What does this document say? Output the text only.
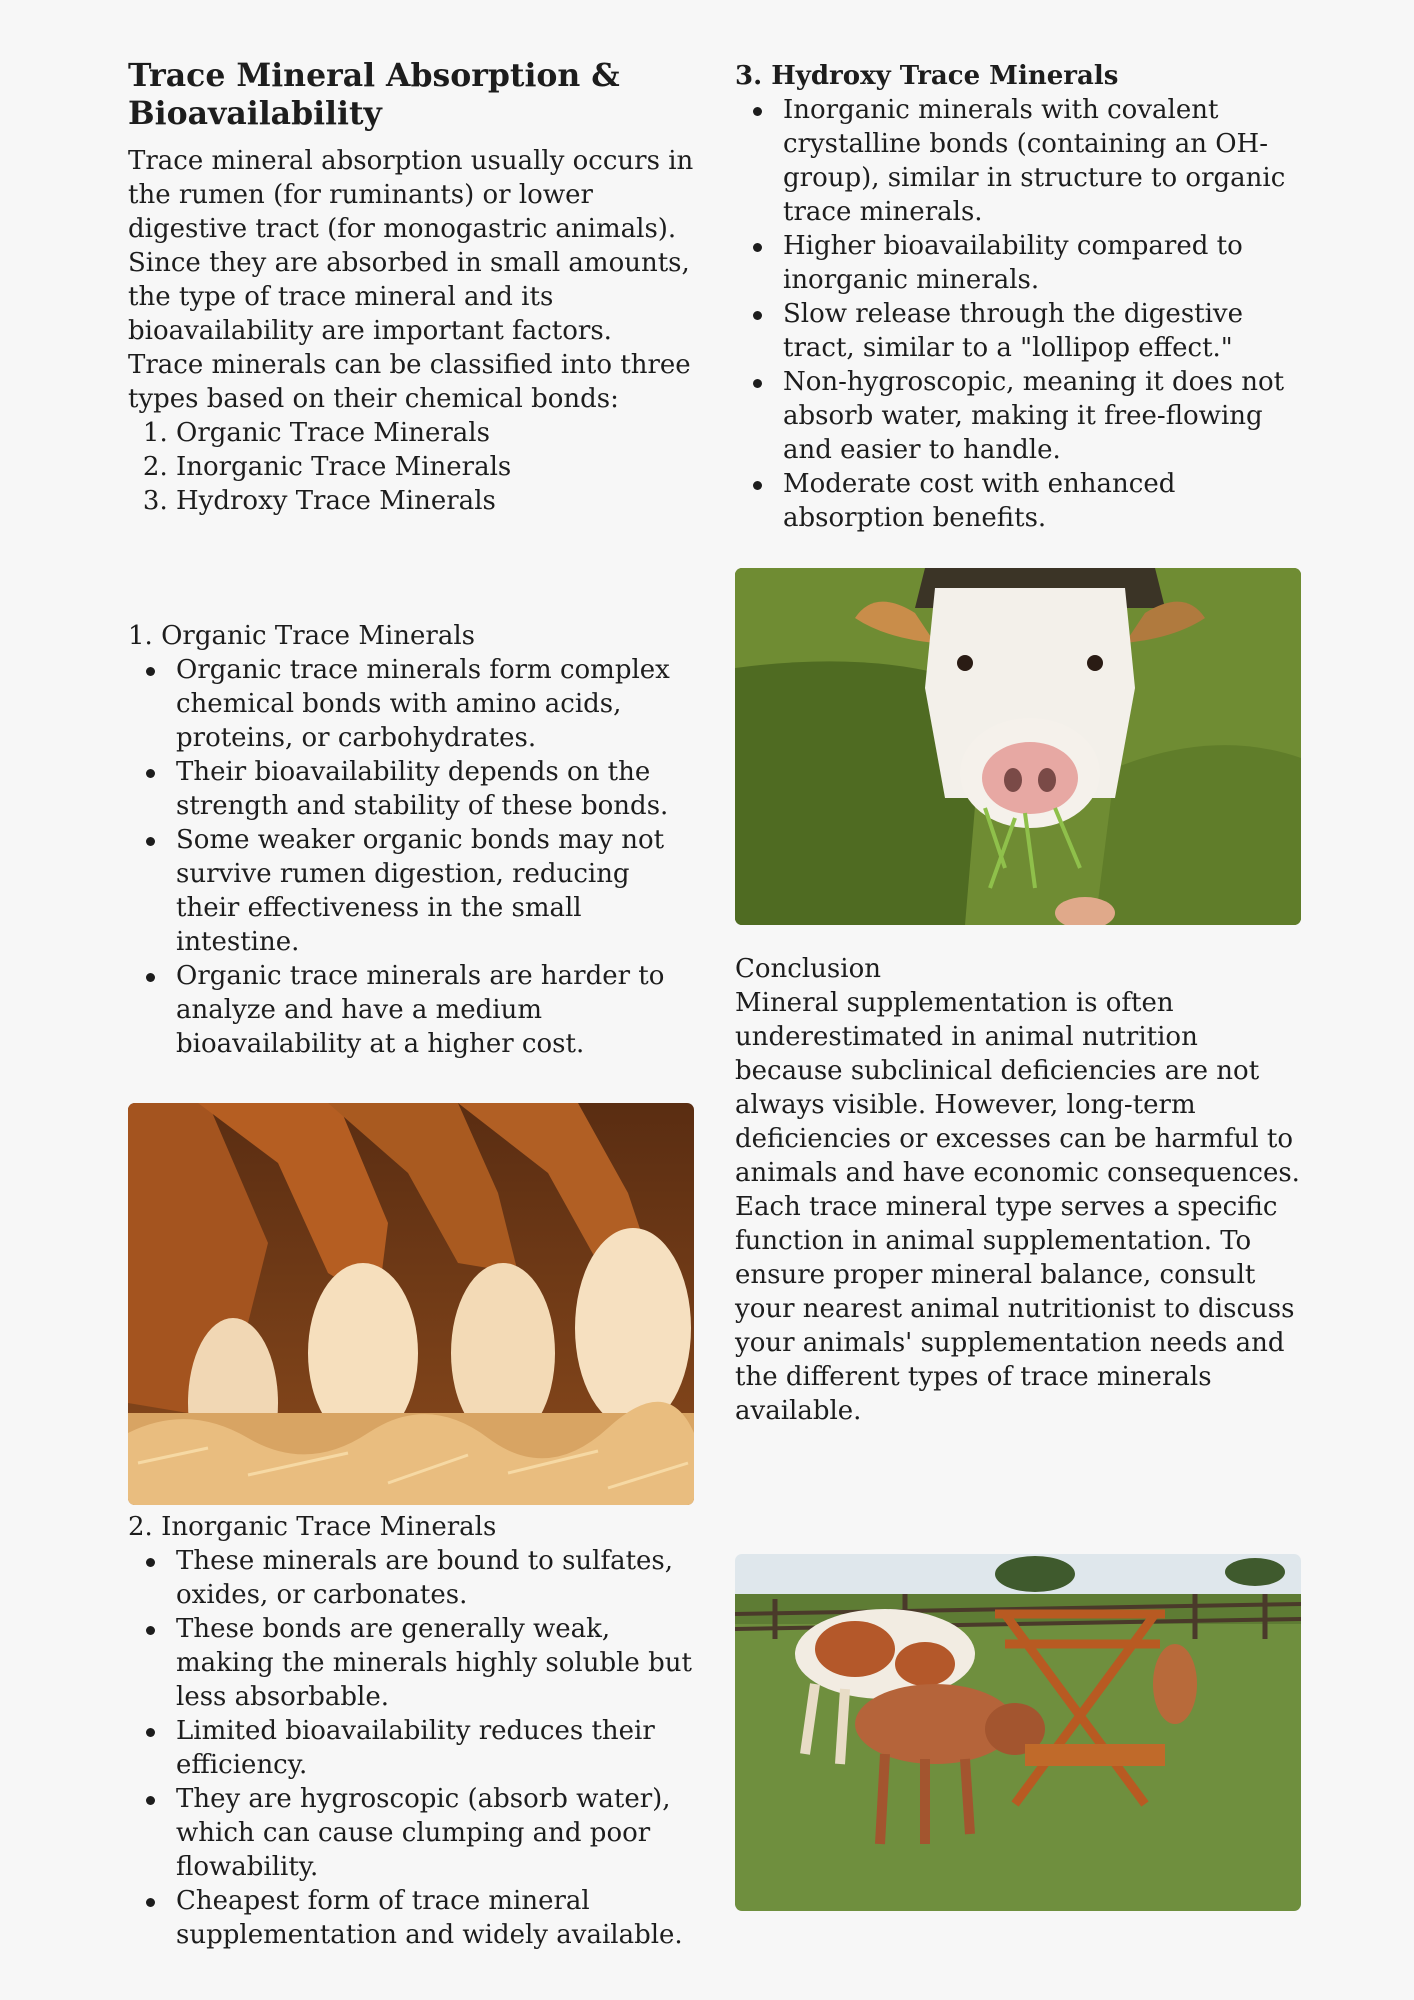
Trace Mineral Absorption & Bioavailability

Trace mineral absorption usually occurs in the rumen (for ruminants) or lower digestive tract (for monogastric animals). Since they are absorbed in small amounts, the type of trace mineral and its bioavailability are important factors.

Trace minerals can be classified into three types based on their chemical bonds:

1. Organic Trace Minerals
2. Inorganic Trace Minerals
3. Hydroxy Trace Minerals

1. Organic Trace Minerals

Organic trace minerals form complex chemical bonds with amino acids, proteins, or carbohydrates.
Their bioavailability depends on the strength and stability of these bonds.
Some weaker organic bonds may not survive rumen digestion, reducing their effectiveness in the small intestine.
Organic trace minerals are harder to analyze and have a medium bioavailability at a higher cost.

2. Inorganic Trace Minerals

These minerals are bound to sulfates, oxides, or carbonates.
These bonds are generally weak, making the minerals highly soluble but less absorbable.
Limited bioavailability reduces their efficiency.
They are hygroscopic (absorb water), which can cause clumping and poor flowability.
Cheapest form of trace mineral supplementation and widely available.

3. Hydroxy Trace Minerals

Inorganic minerals with covalent crystalline bonds (containing an OH- group), similar in structure to organic trace minerals.
Higher bioavailability compared to inorganic minerals.
Slow release through the digestive tract, similar to a "lollipop effect."
Non-hygroscopic, meaning it does not absorb water, making it free-flowing and easier to handle.
Moderate cost with enhanced absorption benefits.

Conclusion

Mineral supplementation is often underestimated in animal nutrition because subclinical deficiencies are not always visible. However, long-term deficiencies or excesses can be harmful to animals and have economic consequences.

Each trace mineral type serves a specific function in animal supplementation. To ensure proper mineral balance, consult your nearest animal nutritionist to discuss your animals' supplementation needs and the different types of trace minerals available.
